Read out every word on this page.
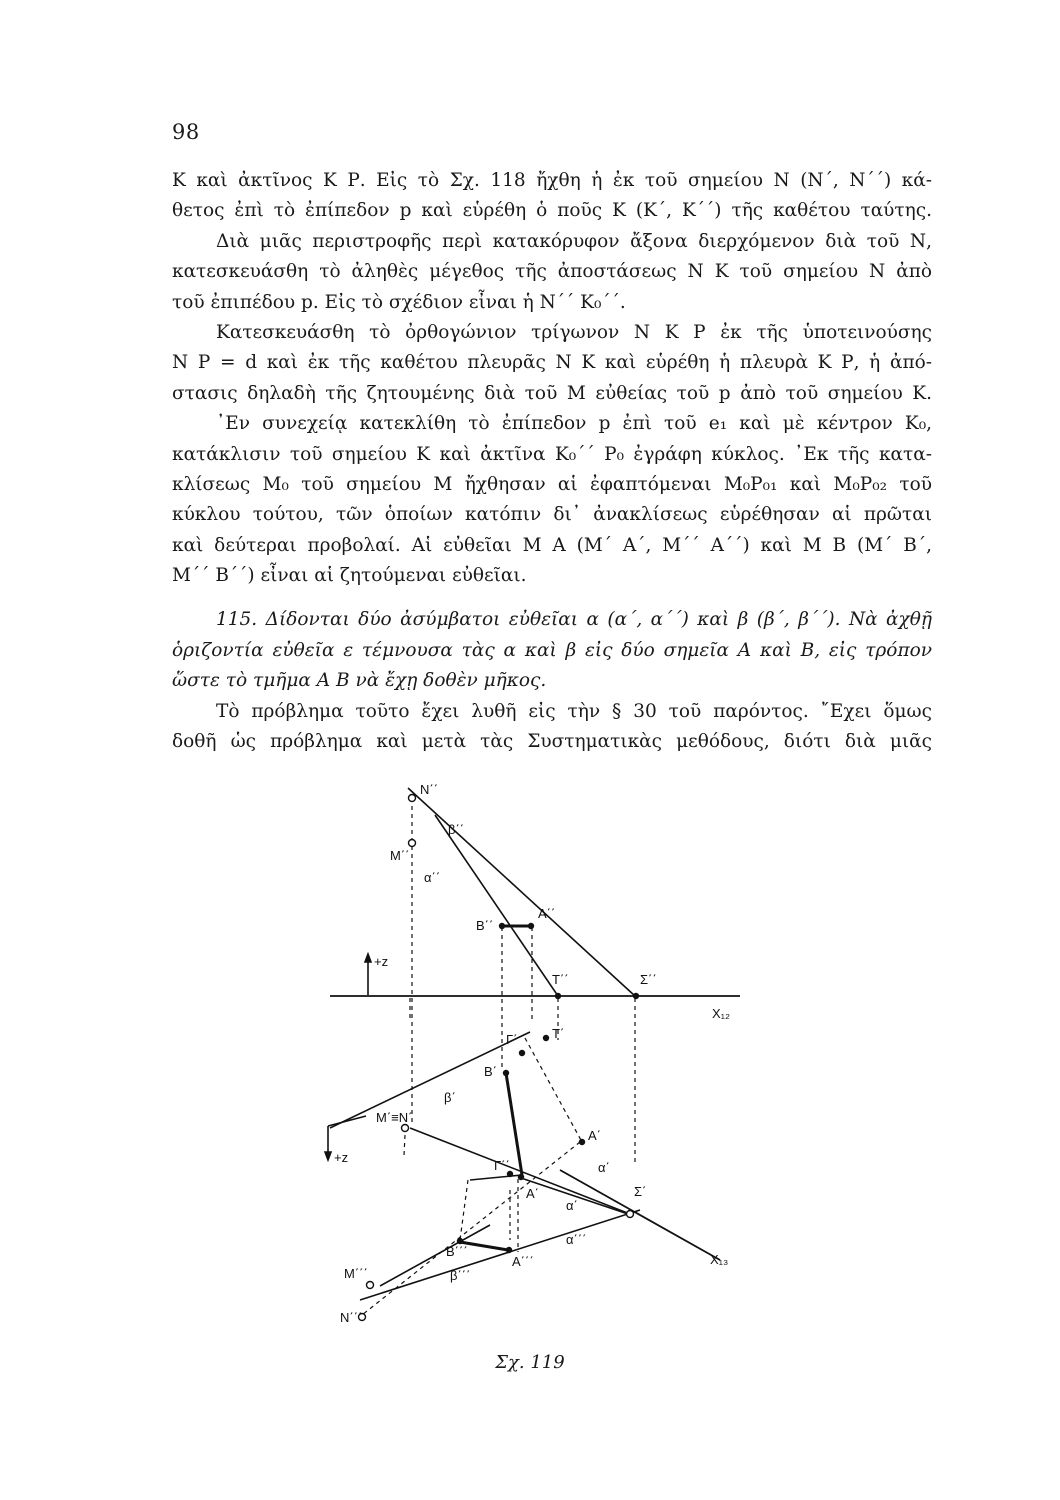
98
Κ καὶ ἀκτῖνος Κ Ρ. Εἰς τὸ Σχ. 118 ἤχθη ἡ ἐκ τοῦ σημείου Ν (Ν΄, Ν΄΄) κά-
θετος ἐπὶ τὸ ἐπίπεδον p καὶ εὑρέθη ὁ ποῦς Κ (Κ΄, Κ΄΄) τῆς καθέτου ταύτης.
Διὰ μιᾶς περιστροφῆς περὶ κατακόρυφον ἄξονα διερχόμενον διὰ τοῦ Ν,
κατεσκευάσθη τὸ ἀληθὲς μέγεθος τῆς ἀποστάσεως Ν Κ τοῦ σημείου Ν ἀπὸ
τοῦ ἐπιπέδου p. Εἰς τὸ σχέδιον εἶναι ἡ Ν΄΄ Κ₀΄΄.
Κατεσκευάσθη τὸ ὀρθογώνιον τρίγωνον Ν Κ Ρ ἐκ τῆς ὑποτεινούσης
Ν Ρ = d καὶ ἐκ τῆς καθέτου πλευρᾶς Ν Κ καὶ εὑρέθη ἡ πλευρὰ Κ Ρ, ἡ ἀπό-
στασις δηλαδὴ τῆς ζητουμένης διὰ τοῦ Μ εὐθείας τοῦ p ἀπὸ τοῦ σημείου Κ.
᾿Εν συνεχείᾳ κατεκλίθη τὸ ἐπίπεδον p ἐπὶ τοῦ e₁ καὶ μὲ κέντρον Κ₀,
κατάκλισιν τοῦ σημείου Κ καὶ ἀκτῖνα Κ₀΄΄ Ρ₀ ἐγράφη κύκλος. ᾿Εκ τῆς κατα-
κλίσεως Μ₀ τοῦ σημείου Μ ἤχθησαν αἱ ἐφαπτόμεναι Μ₀Ρ₀₁ καὶ Μ₀Ρ₀₂ τοῦ
κύκλου τούτου, τῶν ὁποίων κατόπιν δι᾿ ἀνακλίσεως εὑρέθησαν αἱ πρῶται
καὶ δεύτεραι προβολαί. Αἱ εὐθεῖαι Μ Α (Μ΄ Α΄, Μ΄΄ Α΄΄) καὶ Μ Β (Μ΄ Β΄,
Μ΄΄ Β΄΄) εἶναι αἱ ζητούμεναι εὐθεῖαι.
115. Δίδονται δύο ἀσύμβατοι εὐθεῖαι α (α΄, α΄΄) καὶ β (β΄, β΄΄). Νὰ ἀχθῇ
ὁριζοντία εὐθεῖα ε τέμνουσα τὰς α καὶ β εἰς δύο σημεῖα Α καὶ Β, εἰς τρόπον
ὥστε τὸ τμῆμα Α Β νὰ ἔχῃ δοθὲν μῆκος.
Τὸ πρόβλημα τοῦτο ἔχει λυθῆ εἰς τὴν § 30 τοῦ παρόντος. ῎Εχει ὅμως
δοθῆ ὡς πρόβλημα καὶ μετὰ τὰς Συστηματικὰς μεθόδους, διότι διὰ μιᾶς
N΄΄
β΄΄
M΄΄
α΄΄
B΄΄
A΄΄
+z
T΄΄	Σ΄΄
X₁₂
Γ΄	T΄
B΄
β΄
M΄≡N΄
+z
A΄
Γ΄΄	α΄
Σ΄
A΄
α΄
B΄΄΄
A΄΄΄
α΄΄΄
β΄΄΄
M΄΄΄
N΄΄΄
X₁₃
Σχ. 119
